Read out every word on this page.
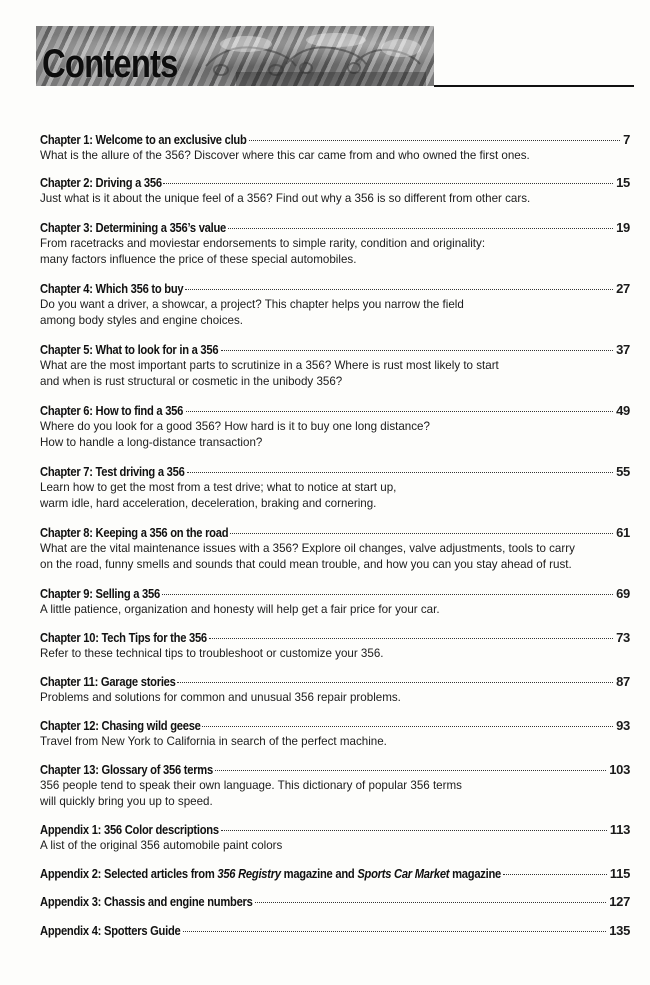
Contents
Chapter 1: Welcome to an exclusive club	7
What is the allure of the 356? Discover where this car came from and who owned the first ones.
Chapter 2: Driving a 356	15
Just what is it about the unique feel of a 356? Find out why a 356 is so different from other cars.
Chapter 3: Determining a 356’s value	19
From racetracks and moviestar endorsements to simple rarity, condition and originality:
many factors influence the price of these special automobiles.
Chapter 4: Which 356 to buy	27
Do you want a driver, a showcar, a project? This chapter helps you narrow the field
among body styles and engine choices.
Chapter 5: What to look for in a 356	37
What are the most important parts to scrutinize in a 356? Where is rust most likely to start
and when is rust structural or cosmetic in the unibody 356?
Chapter 6: How to find a 356	49
Where do you look for a good 356? How hard is it to buy one long distance?
How to handle a long-distance transaction?
Chapter 7: Test driving a 356	55
Learn how to get the most from a test drive; what to notice at start up,
warm idle, hard acceleration, deceleration, braking and cornering.
Chapter 8: Keeping a 356 on the road	61
What are the vital maintenance issues with a 356? Explore oil changes, valve adjustments, tools to carry
on the road, funny smells and sounds that could mean trouble, and how you can you stay ahead of rust.
Chapter 9: Selling a 356	69
A little patience, organization and honesty will help get a fair price for your car.
Chapter 10: Tech Tips for the 356	73
Refer to these technical tips to troubleshoot or customize your 356.
Chapter 11: Garage stories	87
Problems and solutions for common and unusual 356 repair problems.
Chapter 12: Chasing wild geese	93
Travel from New York to California in search of the perfect machine.
Chapter 13: Glossary of 356 terms	103
356 people tend to speak their own language. This dictionary of popular 356 terms
will quickly bring you up to speed.
Appendix 1: 356 Color descriptions	113
A list of the original 356 automobile paint colors
Appendix 2: Selected articles from 356 Registry magazine and Sports Car Market magazine	115
Appendix 3: Chassis and engine numbers	127
Appendix 4: Spotters Guide	135
